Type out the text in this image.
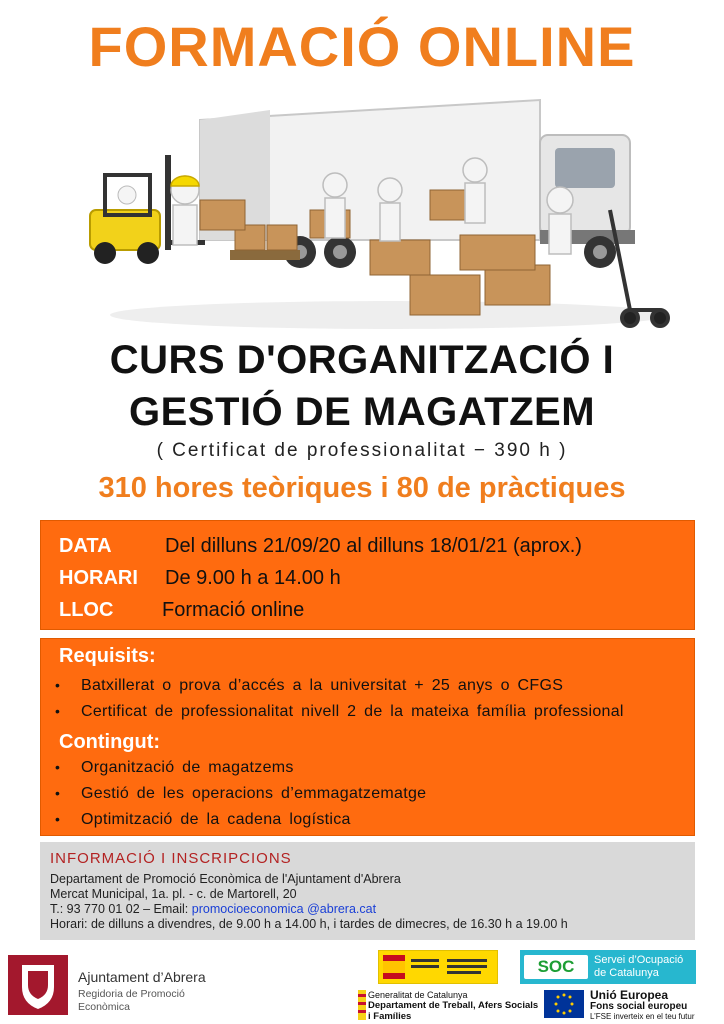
FORMACIÓ ONLINE
CURS D'ORGANITZACIÓ I
GESTIÓ DE MAGATZEM
( Certificat de professionalitat − 390 h )
310 hores teòriques i 80 de pràctiques
DATA	Del dilluns 21/09/20 al dilluns 18/01/21 (aprox.)
HORARI De 9.00 h a 14.00 h
LLOC Formació online
Requisits:
• Batxillerat o prova d’accés a la universitat + 25 anys o CFGS
• Certificat de professionalitat nivell 2 de la mateixa família professional
Contingut:
• Organització de magatzems
• Gestió de les operacions d’emmagatzematge
• Optimització de la cadena logística
INFORMACIÓ I INSCRIPCIONS
Departament de Promoció Econòmica de l'Ajuntament d'Abrera
Mercat Municipal, 1a. pl. - c. de Martorell, 20
T.: 93 770 01 02 – Email: promocioeconomica @abrera.cat
Horari: de dilluns a divendres, de 9.00 h a 14.00 h, i tardes de dimecres, de 16.30 h a 19.00 h
Ajuntament d’Abrera
Regidoria de Promoció
Econòmica
SOC	Servei d’Ocupació
de Catalunya
Generalitat de Catalunya
Departament de Treball, Afers Socials
i Famílies
Unió Europea
Fons social europeu
L’FSE inverteix en el teu futur
